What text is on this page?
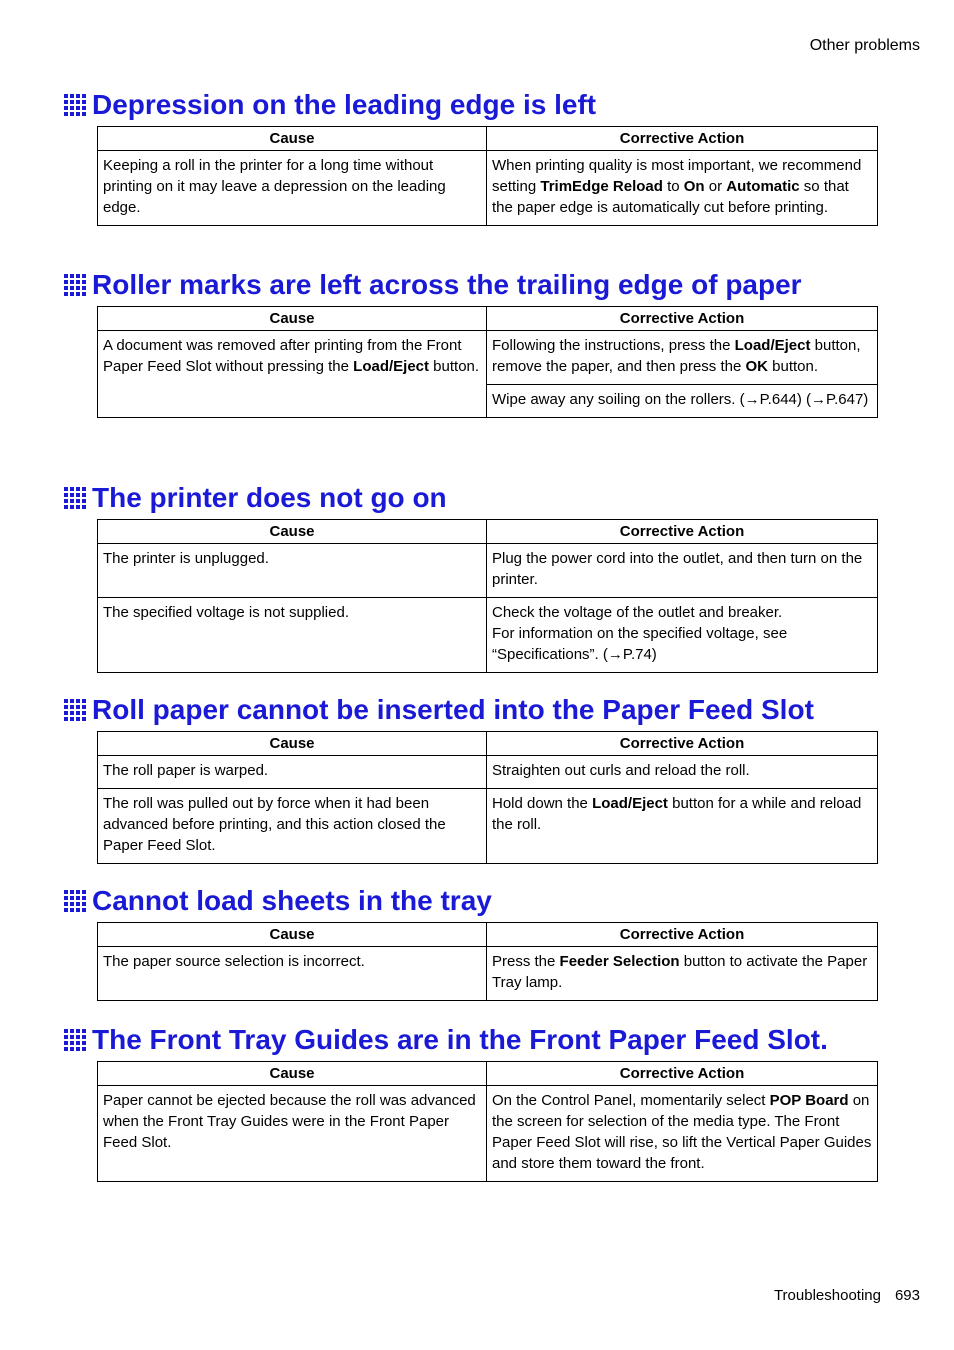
Other problems
Depression on the leading edge is left
Cause	Corrective Action
Keeping a roll in the printer for a long time without printing on it may leave a depression on the leading edge.	When printing quality is most important, we recommend setting TrimEdge Reload to On or Automatic so that the paper edge is automatically cut before printing.
Roller marks are left across the trailing edge of paper
Cause	Corrective Action
A document was removed after printing from the Front Paper Feed Slot without pressing the Load/Eject button.	Following the instructions, press the Load/Eject button, remove the paper, and then press the OK button.
	Wipe away any soiling on the rollers. (→P.644) (→P.647)
The printer does not go on
Cause	Corrective Action
The printer is unplugged.	Plug the power cord into the outlet, and then turn on the printer.
The specified voltage is not supplied.	Check the voltage of the outlet and breaker.
For information on the specified voltage, see “Specifications”. (→P.74)
Roll paper cannot be inserted into the Paper Feed Slot
Cause	Corrective Action
The roll paper is warped.	Straighten out curls and reload the roll.
The roll was pulled out by force when it had been advanced before printing, and this action closed the Paper Feed Slot.	Hold down the Load/Eject button for a while and reload the roll.
Cannot load sheets in the tray
Cause	Corrective Action
The paper source selection is incorrect.	Press the Feeder Selection button to activate the Paper Tray lamp.
The Front Tray Guides are in the Front Paper Feed Slot.
Cause	Corrective Action
Paper cannot be ejected because the roll was advanced when the Front Tray Guides were in the Front Paper Feed Slot.	On the Control Panel, momentarily select POP Board on the screen for selection of the media type. The Front Paper Feed Slot will rise, so lift the Vertical Paper Guides and store them toward the front.
Troubleshooting 693
